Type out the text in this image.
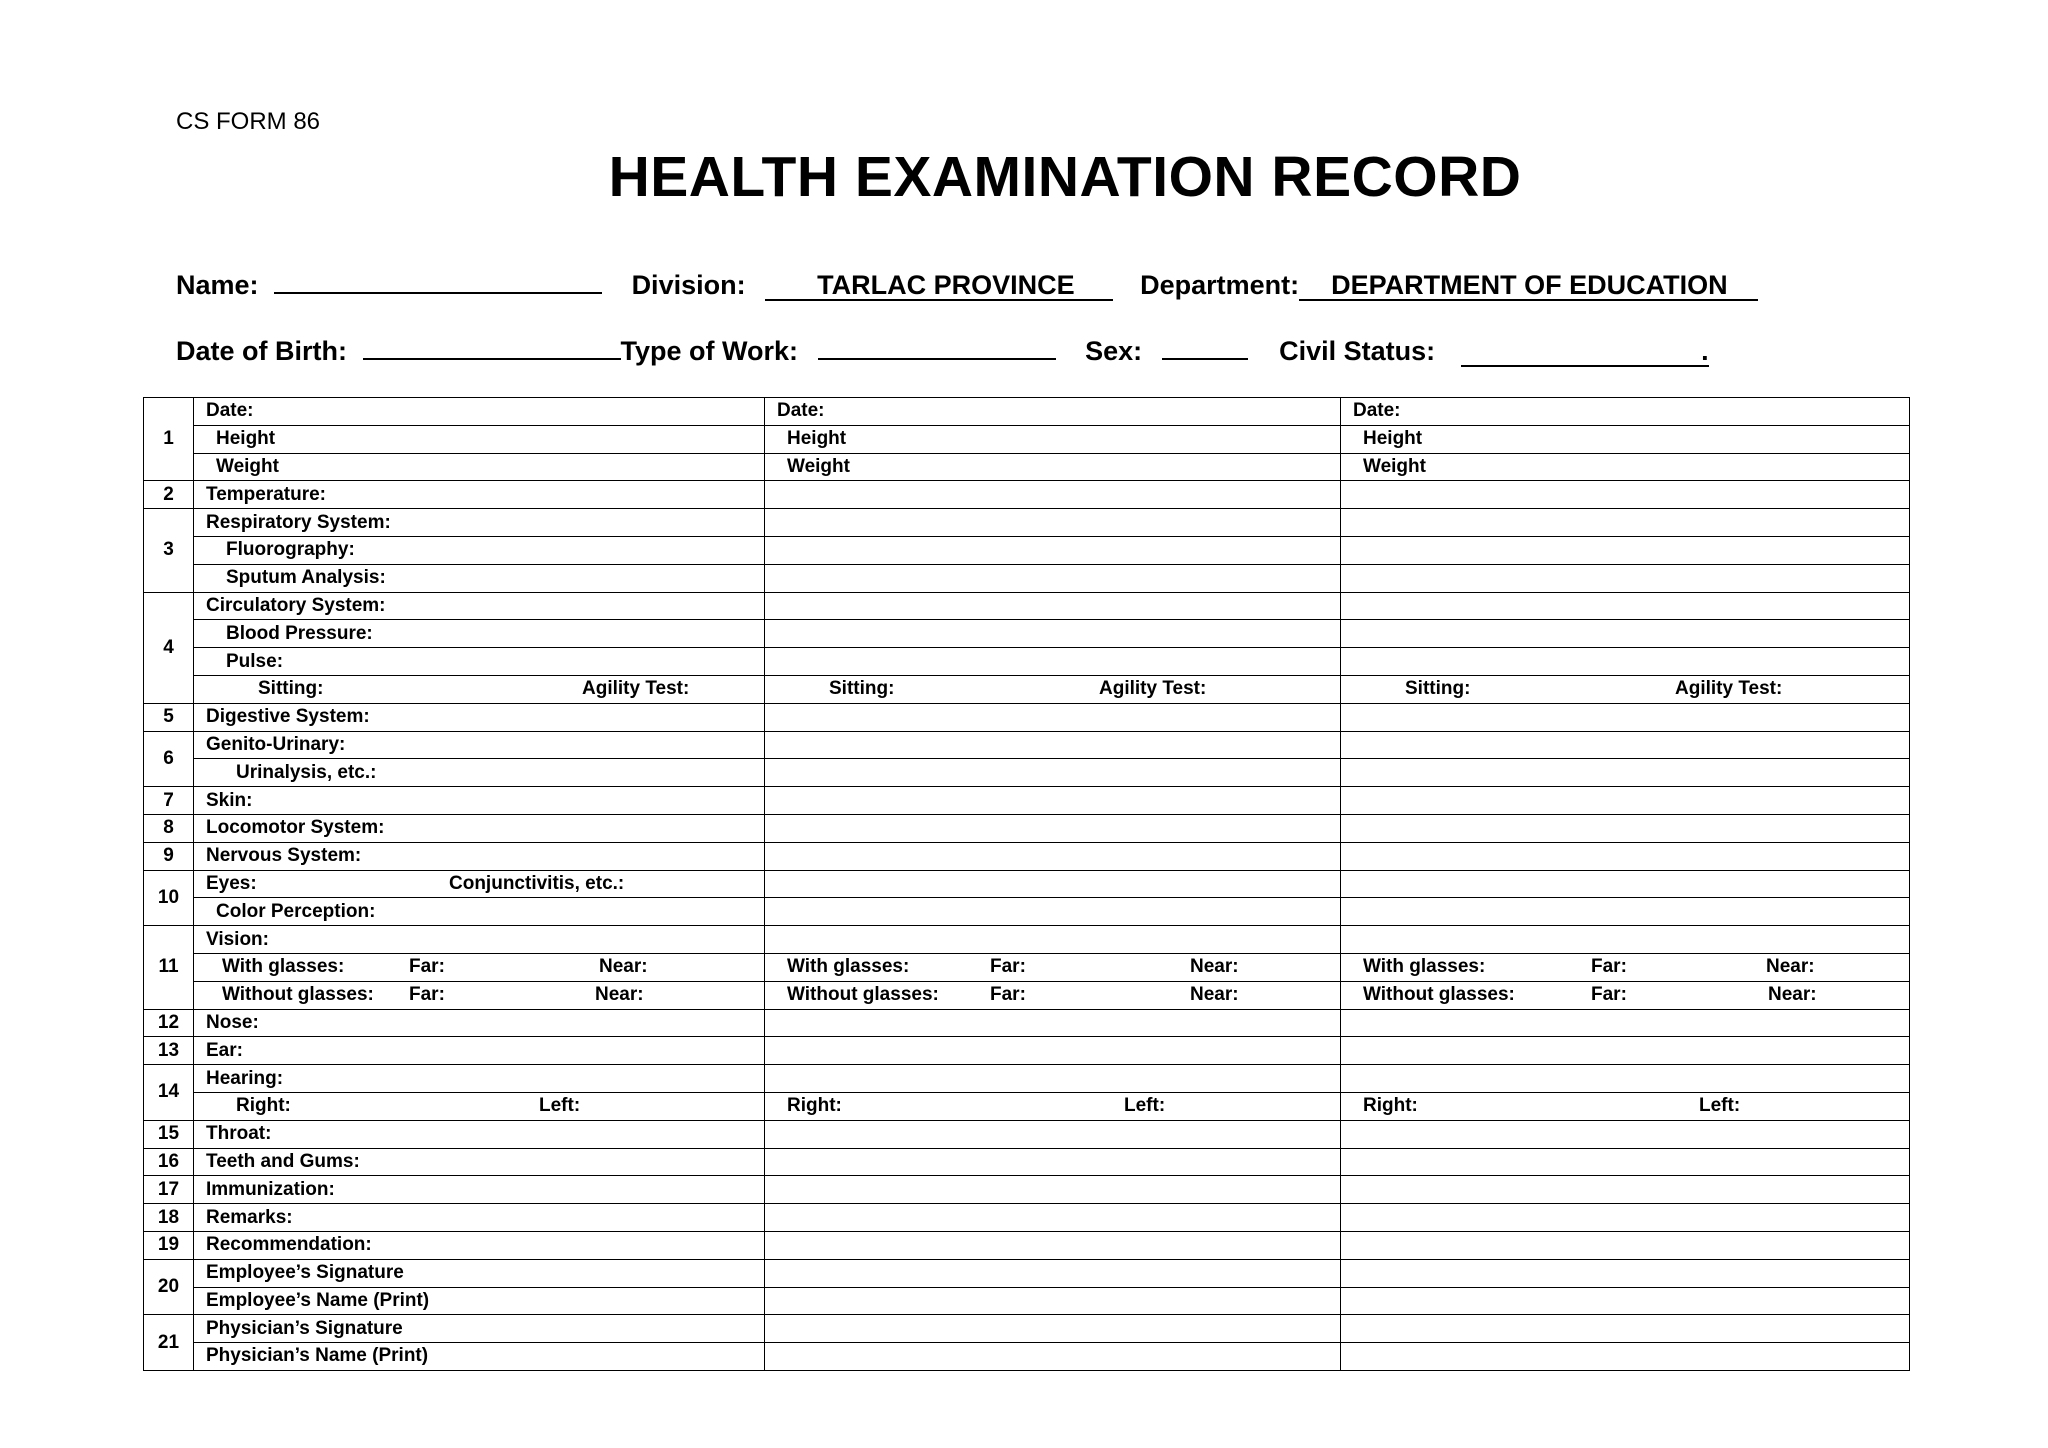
CS FORM 86
HEALTH EXAMINATION RECORD
Name:	Division:	TARLAC PROVINCE Department: DEPARTMENT OF EDUCATION
Date of Birth:	Type of Work:	Sex:	Civil Status:	.
1	Date:	Date:	Date:
	Height	Height	Height
	Weight	Weight	Weight
2	Temperature:		
3	Respiratory System:		
	Fluorography:		
	Sputum Analysis:		
4	Circulatory System:		
	Blood Pressure:		
	Pulse:		

	Sitting: Agility Test:	Sitting: Agility Test:	Sitting: Agility Test:

5	Digestive System:		
6	Genito-Urinary:		
	Urinalysis, etc.:		
7	Skin:		
8	Locomotor System:		
9	Nervous System:		
10	Eyes: Conjunctivitis, etc.:		

	Color Perception:		
11	Vision:		

	With glasses: Far: Near:	With glasses: Far: Near:	With glasses: Far: Near:

	Without glasses: Far: Near:	Without glasses: Far: Near:	Without glasses: Far: Near:

12	Nose:		
13	Ear:		
14	Hearing:		

	Right: Left:	Right: Left:	Right: Left:

15	Throat:		
16	Teeth and Gums:		
17	Immunization:		
18	Remarks:		
19	Recommendation:		
20	Employee’s Signature		
	Employee’s Name (Print)		
21	Physician’s Signature		
	Physician’s Name (Print)		
